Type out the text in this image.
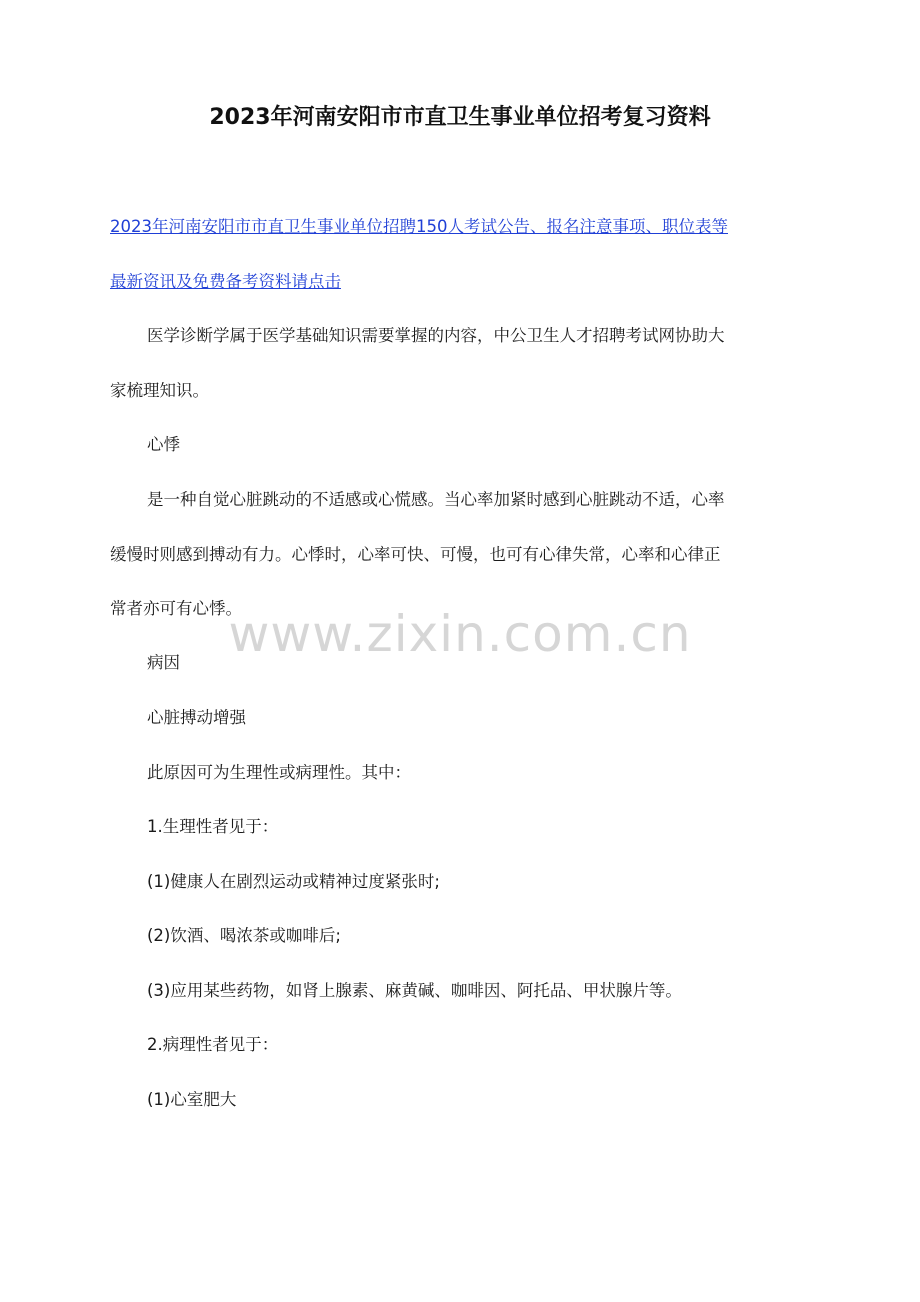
2023年河南安阳市市直卫生事业单位招考复习资料
2023年河南安阳市市直卫生事业单位招聘150人考试公告、报名注意事项、职位表等
最新资讯及免费备考资料请点击
医学诊断学属于医学基础知识需要掌握的内容，中公卫生人才招聘考试网协助大
家梳理知识。
心悸
是一种自觉心脏跳动的不适感或心慌感。当心率加紧时感到心脏跳动不适，心率
缓慢时则感到搏动有力。心悸时，心率可快、可慢，也可有心律失常，心率和心律正
常者亦可有心悸。
病因
心脏搏动增强
此原因可为生理性或病理性。其中：
1.生理性者见于：
(1)健康人在剧烈运动或精神过度紧张时;
(2)饮酒、喝浓茶或咖啡后;
(3)应用某些药物，如肾上腺素、麻黄碱、咖啡因、阿托品、甲状腺片等。
2.病理性者见于：
(1)心室肥大
www.zixin.com.cn
